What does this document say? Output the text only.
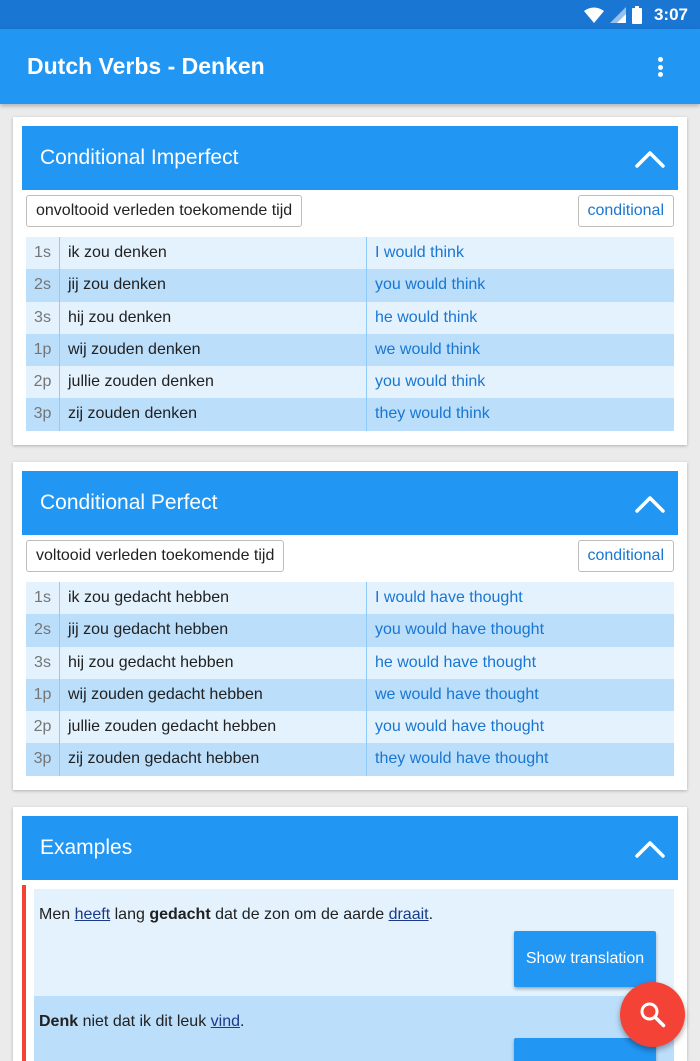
3:07
Dutch Verbs - Denken
Conditional Imperfect
onvoltooid verleden toekomende tijd	conditional
1s	ik zou denken	I would think
2s	jij zou denken	you would think
3s	hij zou denken	he would think
1p	wij zouden denken	we would think
2p	jullie zouden denken	you would think
3p	zij zouden denken	they would think
Conditional Perfect
voltooid verleden toekomende tijd	conditional
1s	ik zou gedacht hebben	I would have thought
2s	jij zou gedacht hebben	you would have thought
3s	hij zou gedacht hebben	he would have thought
1p	wij zouden gedacht hebben	we would have thought
2p	jullie zouden gedacht hebben	you would have thought
3p	zij zouden gedacht hebben	they would have thought
Examples
Men heeft lang gedacht dat de zon om de aarde draait.
Show translation
Denk niet dat ik dit leuk vind.
